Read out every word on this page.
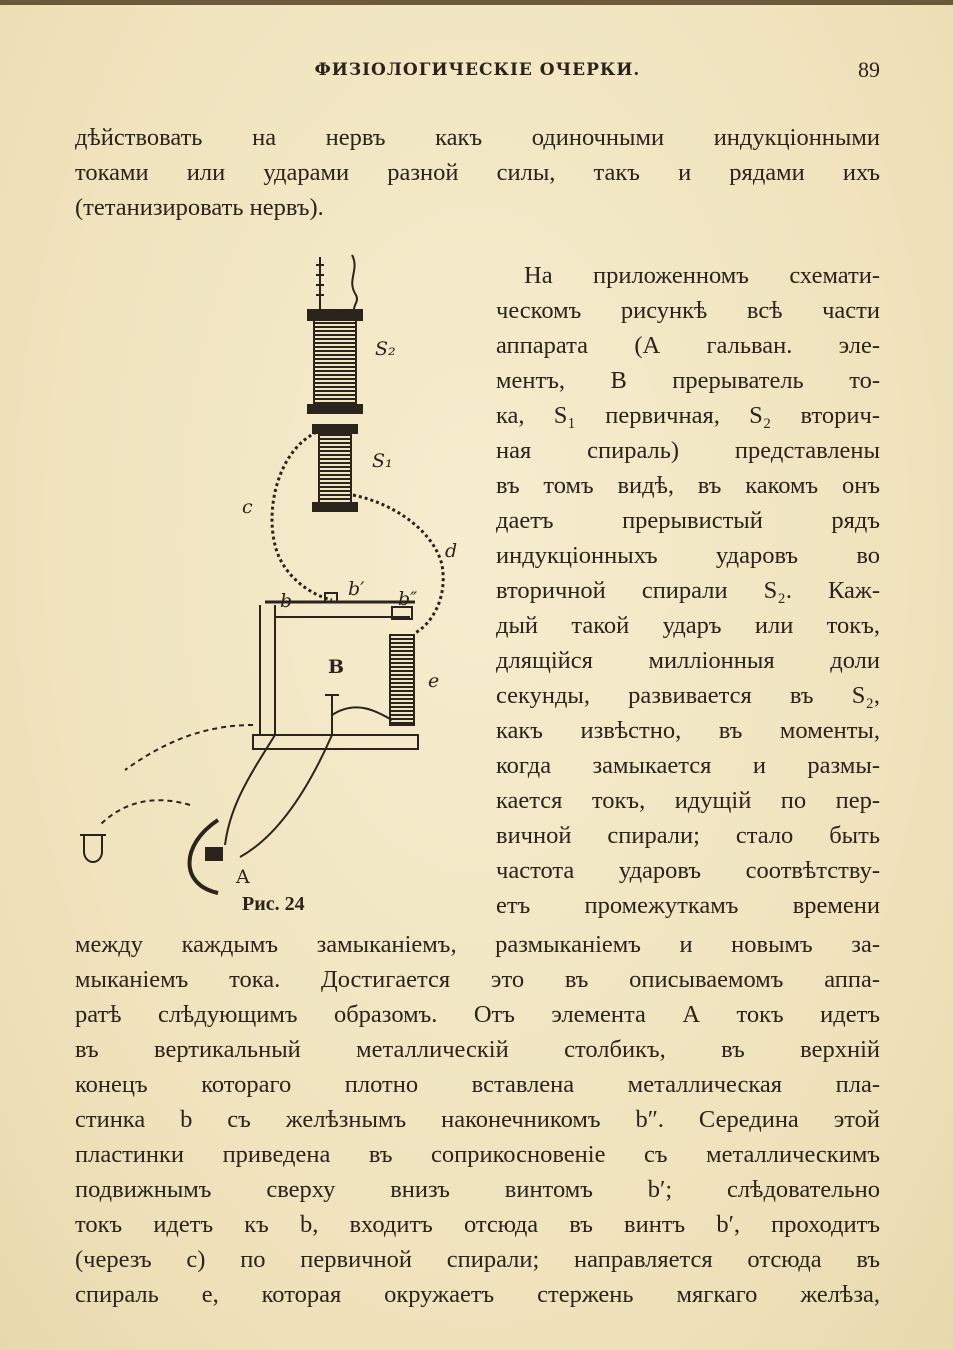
ФИЗІОЛОГИЧЕСКІЕ ОЧЕРКИ.	89
дѣйствовать на нервъ какъ одиночными индукціонными
токами или ударами разной силы, такъ и рядами ихъ
(тетанизировать нервъ).
S₂
S₁
c
d
b
b′ b″
B
e
A
Рис. 24
На приложенномъ схемати-
ческомъ рисункѣ всѣ части
аппарата (А гальван. эле-
ментъ, В прерыватель то-
ка, S₁ первичная, S₂ вторич-
ная спираль) представлены
въ томъ видѣ, въ какомъ онъ
даетъ прерывистый рядъ
индукціонныхъ ударовъ во
вторичной спирали S₂. Каж-
дый такой ударъ или токъ,
длящійся милліонныя доли
секунды, развивается въ S₂,
какъ извѣстно, въ моменты,
когда замыкается и размы-
кается токъ, идущій по пер-
вичной спирали; стало быть
частота ударовъ соотвѣтству-
етъ промежуткамъ времени
между каждымъ замыканіемъ, размыканіемъ и новымъ за-
мыканіемъ тока. Достигается это въ описываемомъ аппа-
ратѣ слѣдующимъ образомъ. Отъ элемента А токъ идетъ
въ вертикальный металлическій столбикъ, въ верхній
конецъ котораго плотно вставлена металлическая пла-
стинка b съ желѣзнымъ наконечникомъ b″. Середина этой
пластинки приведена въ соприкосновеніе съ металлическимъ
подвижнымъ сверху внизъ винтомъ b′; слѣдовательно
токъ идетъ къ b, входитъ отсюда въ винтъ b′, проходитъ
(черезъ c) по первичной спирали; направляется отсюда въ
спираль е, которая окружаетъ стержень мягкаго желѣза,
